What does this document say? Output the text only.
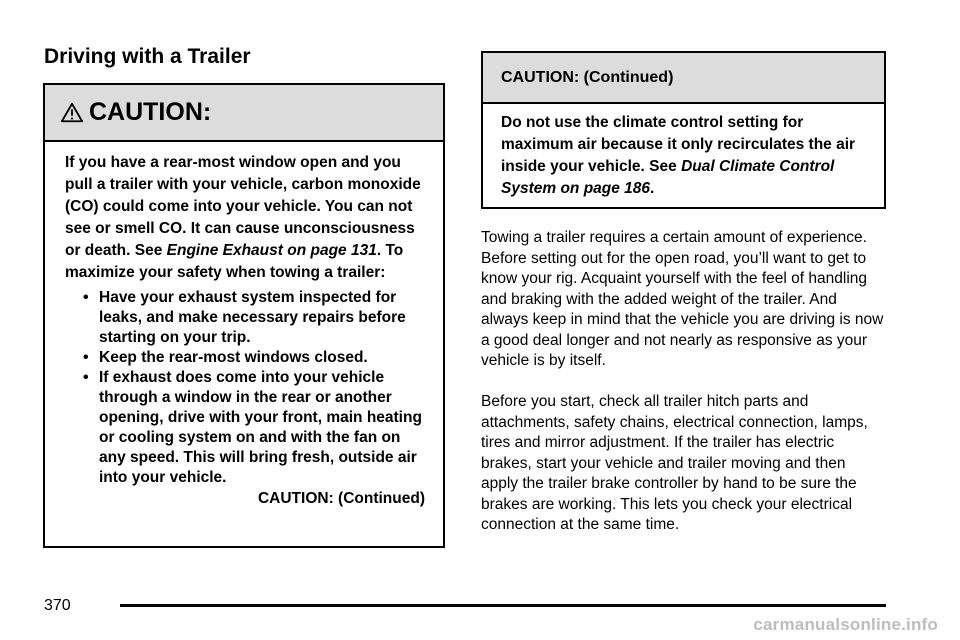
Driving with a Trailer
CAUTION:

If you have a rear-most window open and you pull a trailer with your vehicle, carbon monoxide (CO) could come into your vehicle. You can not see or smell CO. It can cause unconsciousness or death. See Engine Exhaust on page 131. To maximize your safety when towing a trailer:

• Have your exhaust system inspected for leaks, and make necessary repairs before starting on your trip.
• Keep the rear-most windows closed.
• If exhaust does come into your vehicle through a window in the rear or another opening, drive with your front, main heating or cooling system on and with the fan on any speed. This will bring fresh, outside air into your vehicle.

CAUTION: (Continued)

CAUTION: (Continued)
Do not use the climate control setting for maximum air because it only recirculates the air inside your vehicle. See Dual Climate Control System on page 186.

Towing a trailer requires a certain amount of experience. Before setting out for the open road, you’ll want to get to know your rig. Acquaint yourself with the feel of handling and braking with the added weight of the trailer. And always keep in mind that the vehicle you are driving is now a good deal longer and not nearly as responsive as your vehicle is by itself.

Before you start, check all trailer hitch parts and attachments, safety chains, electrical connection, lamps, tires and mirror adjustment. If the trailer has electric brakes, start your vehicle and trailer moving and then apply the trailer brake controller by hand to be sure the brakes are working. This lets you check your electrical connection at the same time.

370
carmanualsonline.info
